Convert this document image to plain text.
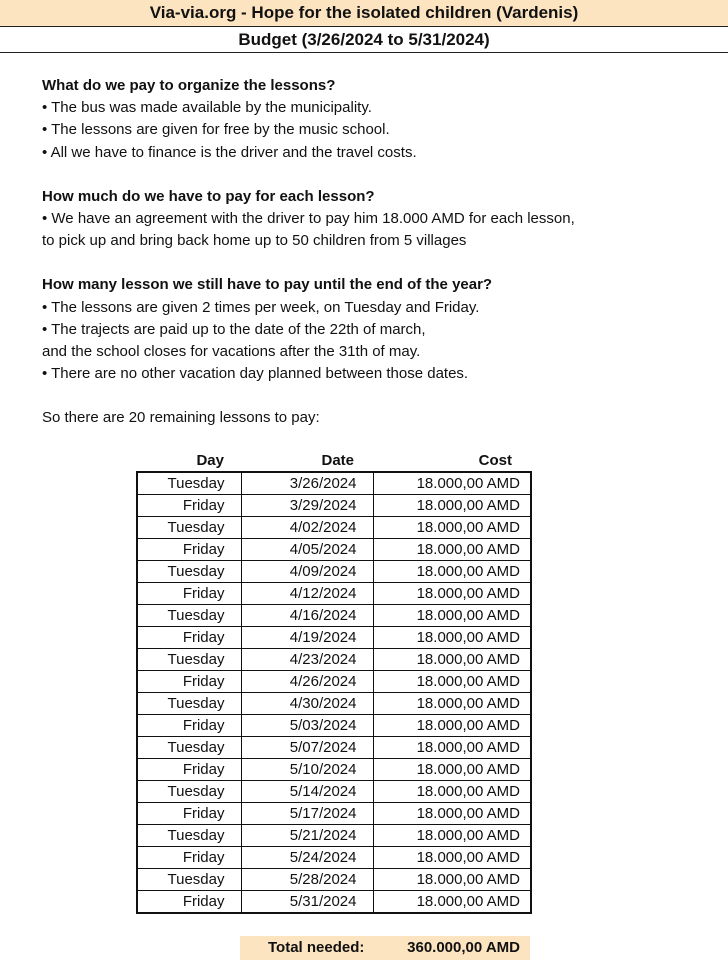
Via-via.org - Hope for the isolated children (Vardenis)
Budget (3/26/2024 to 5/31/2024)
What do we pay to organize the lessons?
• The bus was made available by the municipality.
• The lessons are given for free by the music school.
• All we have to finance is the driver and the travel costs.
How much do we have to pay for each lesson?
• We have an agreement with the driver to pay him 18.000 AMD for each lesson,
to pick up and bring back home up to 50 children from 5 villages
How many lesson we still have to pay until the end of the year?
• The lessons are given 2 times per week, on Tuesday and Friday.
• The trajects are paid up to the date of the 22th of march,
and the school closes for vacations after the 31th of may.
• There are no other vacation day planned between those dates.
So there are 20 remaining lessons to pay:
Day	Date	Cost
Tuesday	3/26/2024	18.000,00 AMD
Friday	3/29/2024	18.000,00 AMD
Tuesday	4/02/2024	18.000,00 AMD
Friday	4/05/2024	18.000,00 AMD
Tuesday	4/09/2024	18.000,00 AMD
Friday	4/12/2024	18.000,00 AMD
Tuesday	4/16/2024	18.000,00 AMD
Friday	4/19/2024	18.000,00 AMD
Tuesday	4/23/2024	18.000,00 AMD
Friday	4/26/2024	18.000,00 AMD
Tuesday	4/30/2024	18.000,00 AMD
Friday	5/03/2024	18.000,00 AMD
Tuesday	5/07/2024	18.000,00 AMD
Friday	5/10/2024	18.000,00 AMD
Tuesday	5/14/2024	18.000,00 AMD
Friday	5/17/2024	18.000,00 AMD
Tuesday	5/21/2024	18.000,00 AMD
Friday	5/24/2024	18.000,00 AMD
Tuesday	5/28/2024	18.000,00 AMD
Friday	5/31/2024	18.000,00 AMD
Total needed:	360.000,00 AMD
